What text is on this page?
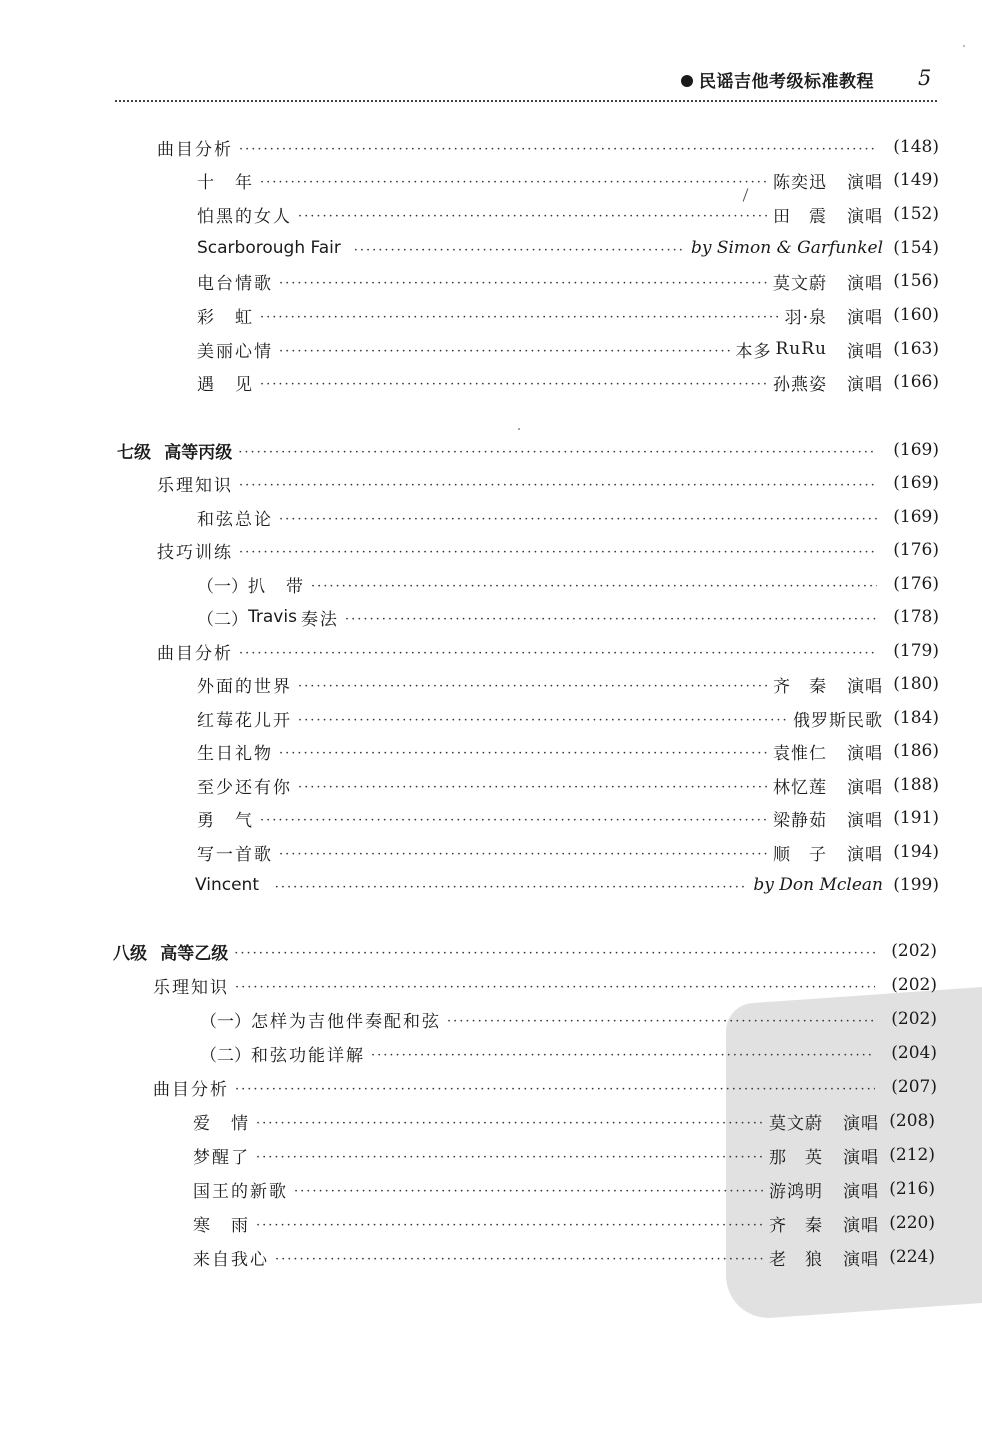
民谣吉他考级标准教程 5
曲目分析 ·····	(148)
十　年 ·····	陈奕迅 演唱 (149)
怕黑的女人 ·····	田　震 演唱 (152)
Scarborough Fair ·····	by Simon & Garfunkel (154)
电台情歌 ·····	莫文蔚 演唱 (156)
彩　虹 ·····	羽·泉 演唱 (160)
美丽心情 ·····	本多 RuRu 演唱 (163)
遇　见 ·····	孙燕姿 演唱 (166)
七级 高等丙级 ·····	(169)
乐理知识 ·····	(169)
和弦总论 ·····	(169)
技巧训练 ·····	(176)
（一） 扒　带 ·····	(176)
（二） Travis 奏法 ·····	(178)
曲目分析 ·····	(179)
外面的世界 ·····	齐　秦 演唱 (180)
红莓花儿开 ·····	俄罗斯民歌 (184)
生日礼物 ·····	袁惟仁 演唱 (186)
至少还有你 ·····	林忆莲 演唱 (188)
勇　气 ·····	梁静茹 演唱 (191)
写一首歌 ·····	顺　子 演唱 (194)
Vincent ·····	by Don Mclean (199)
八级 高等乙级 ·····	(202)
乐理知识 ·····	(202)
（一） 怎样为吉他伴奏配和弦 ·····	(202)
（二） 和弦功能详解 ·····	(204)
曲目分析 ·····	(207)
爱　情 ·····	莫文蔚 演唱 (208)
梦醒了 ·····	那　英 演唱 (212)
国王的新歌 ·····	游鸿明 演唱 (216)
寒　雨 ·····	齐　秦 演唱 (220)
来自我心 ·····	老　狼 演唱 (224)
